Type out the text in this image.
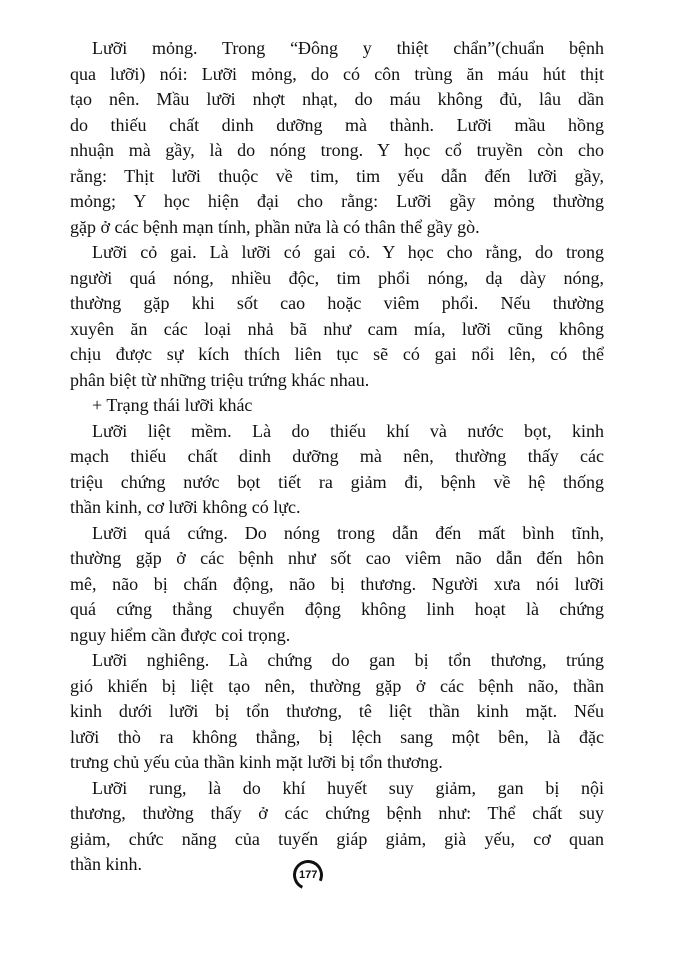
Lưỡi mỏng. Trong “Đông y thiệt chẩn”(chuẩn bệnh
qua lưỡi) nói: Lưỡi mỏng, do có côn trùng ăn máu hút thịt
tạo nên. Mầu lưỡi nhợt nhạt, do máu không đủ, lâu dần
do thiếu chất dinh dưỡng mà thành. Lưỡi mầu hồng
nhuận mà gầy, là do nóng trong. Y học cổ truyền còn cho
rằng: Thịt lưỡi thuộc về tim, tim yếu dẫn đến lưỡi gầy,
mỏng; Y học hiện đại cho rằng: Lưỡi gầy mỏng thường
gặp ở các bệnh mạn tính, phần nửa là có thân thể gầy gò.
Lưỡi cỏ gai. Là lưỡi có gai cỏ. Y học cho rằng, do trong
người quá nóng, nhiều độc, tim phổi nóng, dạ dày nóng,
thường gặp khi sốt cao hoặc viêm phổi. Nếu thường
xuyên ăn các loại nhả bã như cam mía, lưỡi cũng không
chịu được sự kích thích liên tục sẽ có gai nổi lên, có thể
phân biệt từ những triệu trứng khác nhau.
+ Trạng thái lưỡi khác
Lưỡi liệt mềm. Là do thiếu khí và nước bọt, kinh
mạch thiếu chất dinh dưỡng mà nên, thường thấy các
triệu chứng nước bọt tiết ra giảm đi, bệnh về hệ thống
thần kinh, cơ lưỡi không có lực.
Lưỡi quá cứng. Do nóng trong dẫn đến mất bình tĩnh,
thường gặp ở các bệnh như sốt cao viêm não dẫn đến hôn
mê, não bị chấn động, não bị thương. Người xưa nói lưỡi
quá cứng thẳng chuyển động không linh hoạt là chứng
nguy hiểm cần được coi trọng.
Lưỡi nghiêng. Là chứng do gan bị tổn thương, trúng
gió khiến bị liệt tạo nên, thường gặp ở các bệnh não, thần
kinh dưới lưỡi bị tổn thương, tê liệt thần kinh mặt. Nếu
lưỡi thò ra không thẳng, bị lệch sang một bên, là đặc
trưng chủ yếu của thần kinh mặt lưỡi bị tổn thương.
Lưỡi rung, là do khí huyết suy giảm, gan bị nội
thương, thường thấy ở các chứng bệnh như: Thể chất suy
giảm, chức năng của tuyến giáp giảm, già yếu, cơ quan
thần kinh.
177
